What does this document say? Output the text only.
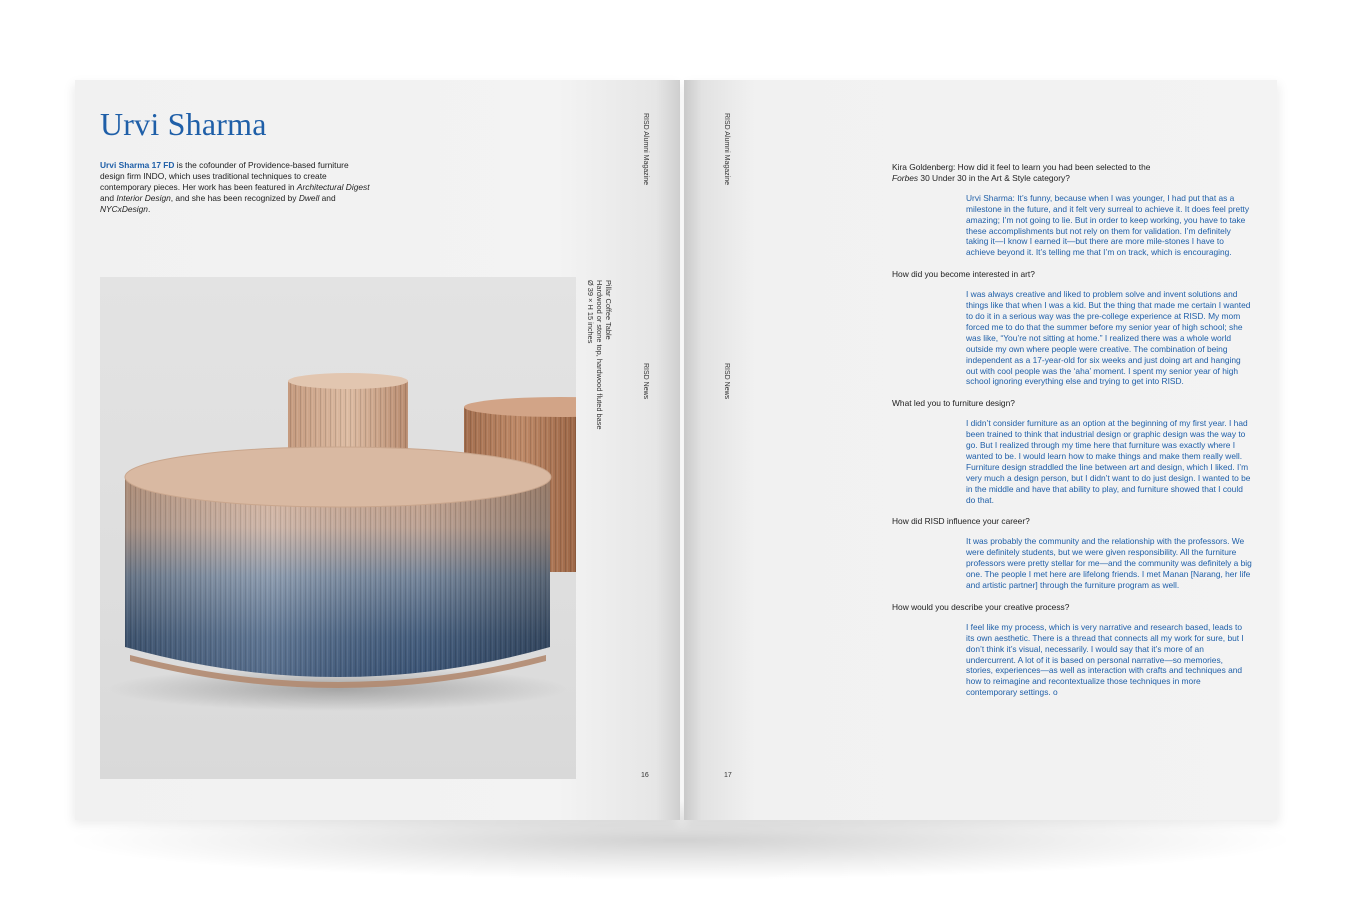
Urvi Sharma

Urvi Sharma 17 FD is the cofounder of Providence-based furniture design firm INDO, which uses traditional techniques to create contemporary pieces. Her work has been featured in Architectural Digest and Interior Design, and she has been recognized by Dwell and NYCxDesign.

RISD Alumni Magazine
RISD News
Pillar Coffee Table
Hardwood or stone top, hardwood fluted base
Ø 39 × H 15 inches
16
RISD Alumni Magazine
RISD News

Kira Goldenberg: How did it feel to learn you had been selected to the Forbes 30 Under 30 in the Art & Style category?

Urvi Sharma: It’s funny, because when I was younger, I had put that as a milestone in the future, and it felt very surreal to achieve it. It does feel pretty amazing; I’m not going to lie. But in order to keep working, you have to take these accomplishments but not rely on them for validation. I’m definitely taking it—I know I earned it—but there are more mile-stones I have to achieve beyond it. It’s telling me that I’m on track, which is encouraging.

How did you become interested in art?

I was always creative and liked to problem solve and invent solutions and things like that when I was a kid. But the thing that made me certain I wanted to do it in a serious way was the pre-college experience at RISD. My mom forced me to do that the summer before my senior year of high school; she was like, “You’re not sitting at home.” I realized there was a whole world outside my own where people were creative. The combination of being independent as a 17-year-old for six weeks and just doing art and hanging out with cool people was the ‘aha’ moment. I spent my senior year of high school ignoring everything else and trying to get into RISD.

What led you to furniture design?

I didn’t consider furniture as an option at the beginning of my first year. I had been trained to think that industrial design or graphic design was the way to go. But I realized through my time here that furniture was exactly where I wanted to be. I would learn how to make things and make them really well. Furniture design straddled the line between art and design, which I liked. I’m very much a design person, but I didn’t want to do just design. I wanted to be in the middle and have that ability to play, and furniture showed that I could do that.

How did RISD influence your career?

It was probably the community and the relationship with the professors. We were definitely students, but we were given responsibility. All the furniture professors were pretty stellar for me—and the community was definitely a big one. The people I met here are lifelong friends. I met Manan [Narang, her life and artistic partner] through the furniture program as well.

How would you describe your creative process?

I feel like my process, which is very narrative and research based, leads to its own aesthetic. There is a thread that connects all my work for sure, but I don’t think it’s visual, necessarily. I would say that it’s more of an undercurrent. A lot of it is based on personal narrative—so memories, stories, experiences—as well as interaction with crafts and techniques and how to reimagine and recontextualize those techniques in more contemporary settings. o

17
